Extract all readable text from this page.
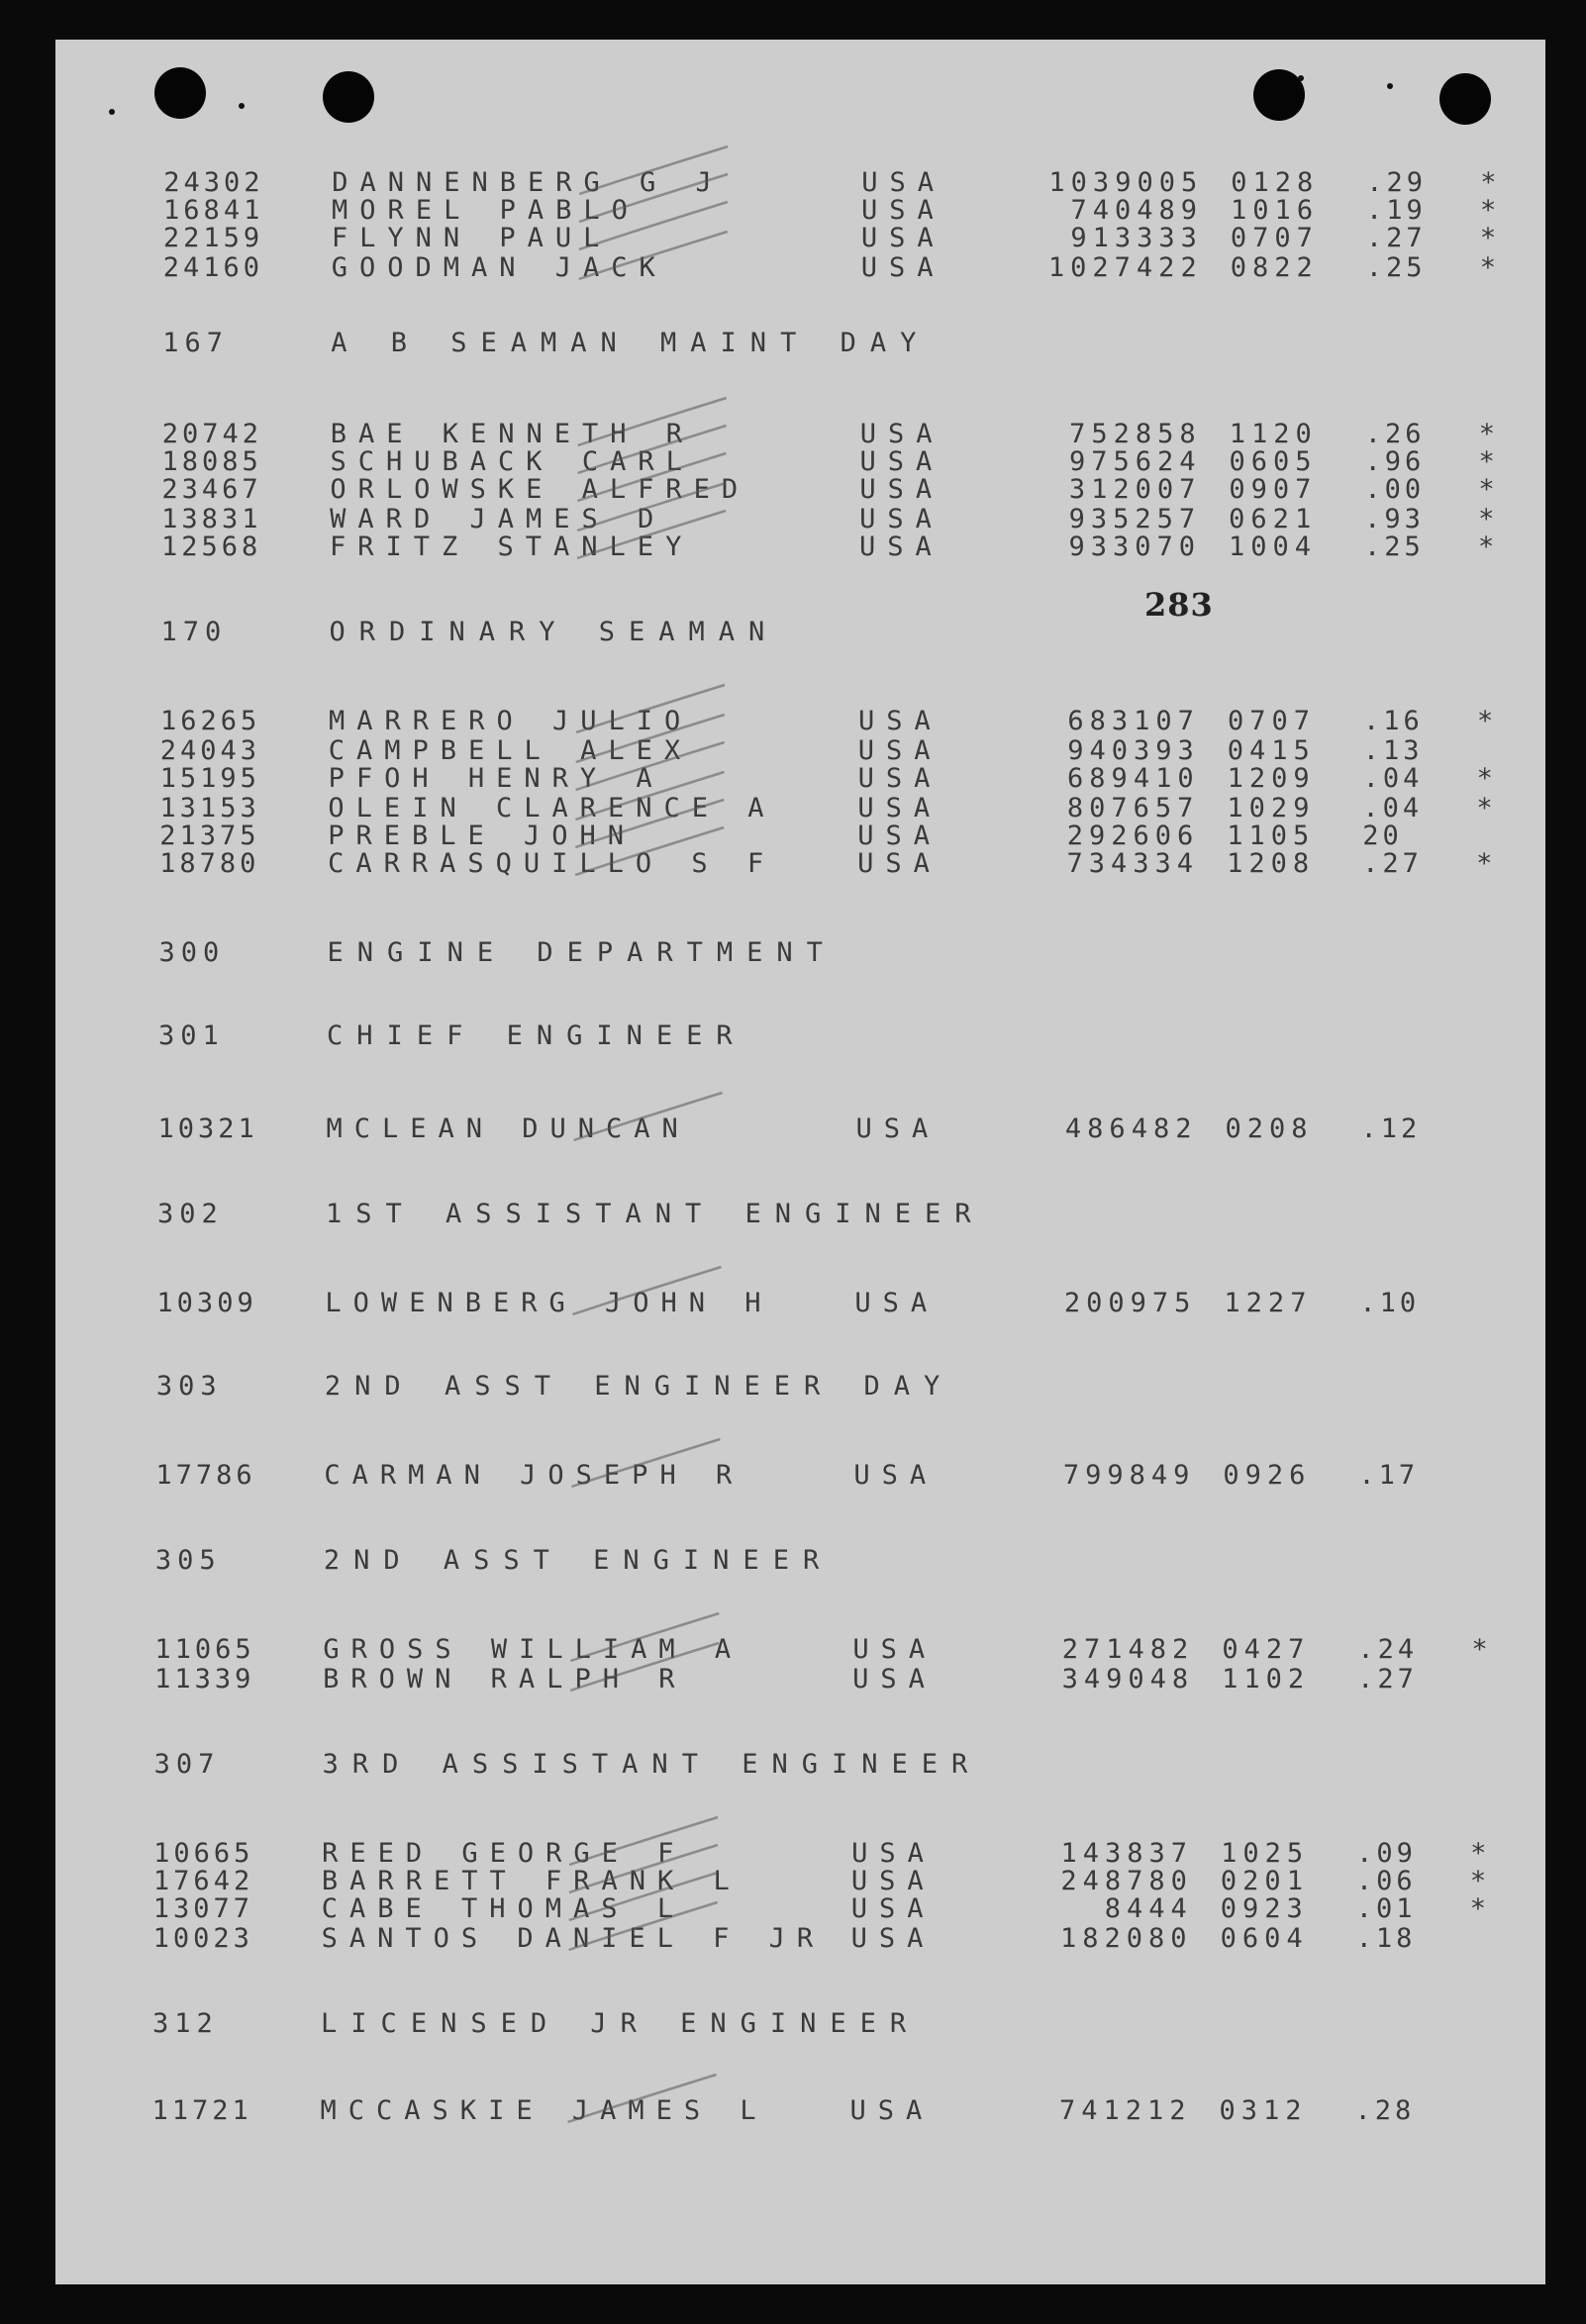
283
24302	DANNENBERG G J	USA	1039005 0128 .29 *
16841	MOREL PABLO	USA	740489 1016 .19 *
22159	FLYNN PAUL	USA	913333 0707 .27 *
24160	GOODMAN JACK	USA	1027422 0822 .25 *
167	A B SEAMAN MAINT DAY
20742	BAE KENNETH R	USA	752858 1120 .26 *
18085	SCHUBACK CARL	USA	975624 0605 .96 *
23467	ORLOWSKE ALFRED	USA	312007 0907 .00 *
13831	WARD JAMES D	USA	935257 0621 .93 *
12568	FRITZ STANLEY	USA	933070 1004 .25 *
170	ORDINARY SEAMAN
16265	MARRERO JULIO	USA	683107 0707 .16 *
24043	CAMPBELL ALEX	USA	940393 0415 .13
15195	PFOH HENRY A	USA	689410 1209 .04 *
13153	OLEIN CLARENCE A	USA	807657 1029 .04 *
21375	PREBLE JOHN	USA	292606 1105 20
18780	CARRASQUILLO S F	USA	734334 1208 .27 *
300	ENGINE DEPARTMENT
301	CHIEF ENGINEER
10321	MCLEAN DUNCAN	USA	486482 0208 .12
302	1ST ASSISTANT ENGINEER
10309	LOWENBERG JOHN H	USA	200975 1227 .10
303	2ND ASST ENGINEER DAY
17786	CARMAN JOSEPH R	USA	799849 0926 .17
305	2ND ASST ENGINEER
11065	GROSS WILLIAM A	USA	271482 0427 .24 *
11339	BROWN RALPH R	USA	349048 1102 .27
307	3RD ASSISTANT ENGINEER
10665	REED GEORGE F	USA	143837 1025 .09 *
17642	BARRETT FRANK L	USA	248780 0201 .06 *
13077	CABE THOMAS L	USA	8444 0923 .01 *
10023	SANTOS DANIEL F JR USA	182080 0604 .18
312	LICENSED JR ENGINEER
11721	MCCASKIE JAMES L	USA	741212 0312 .28
